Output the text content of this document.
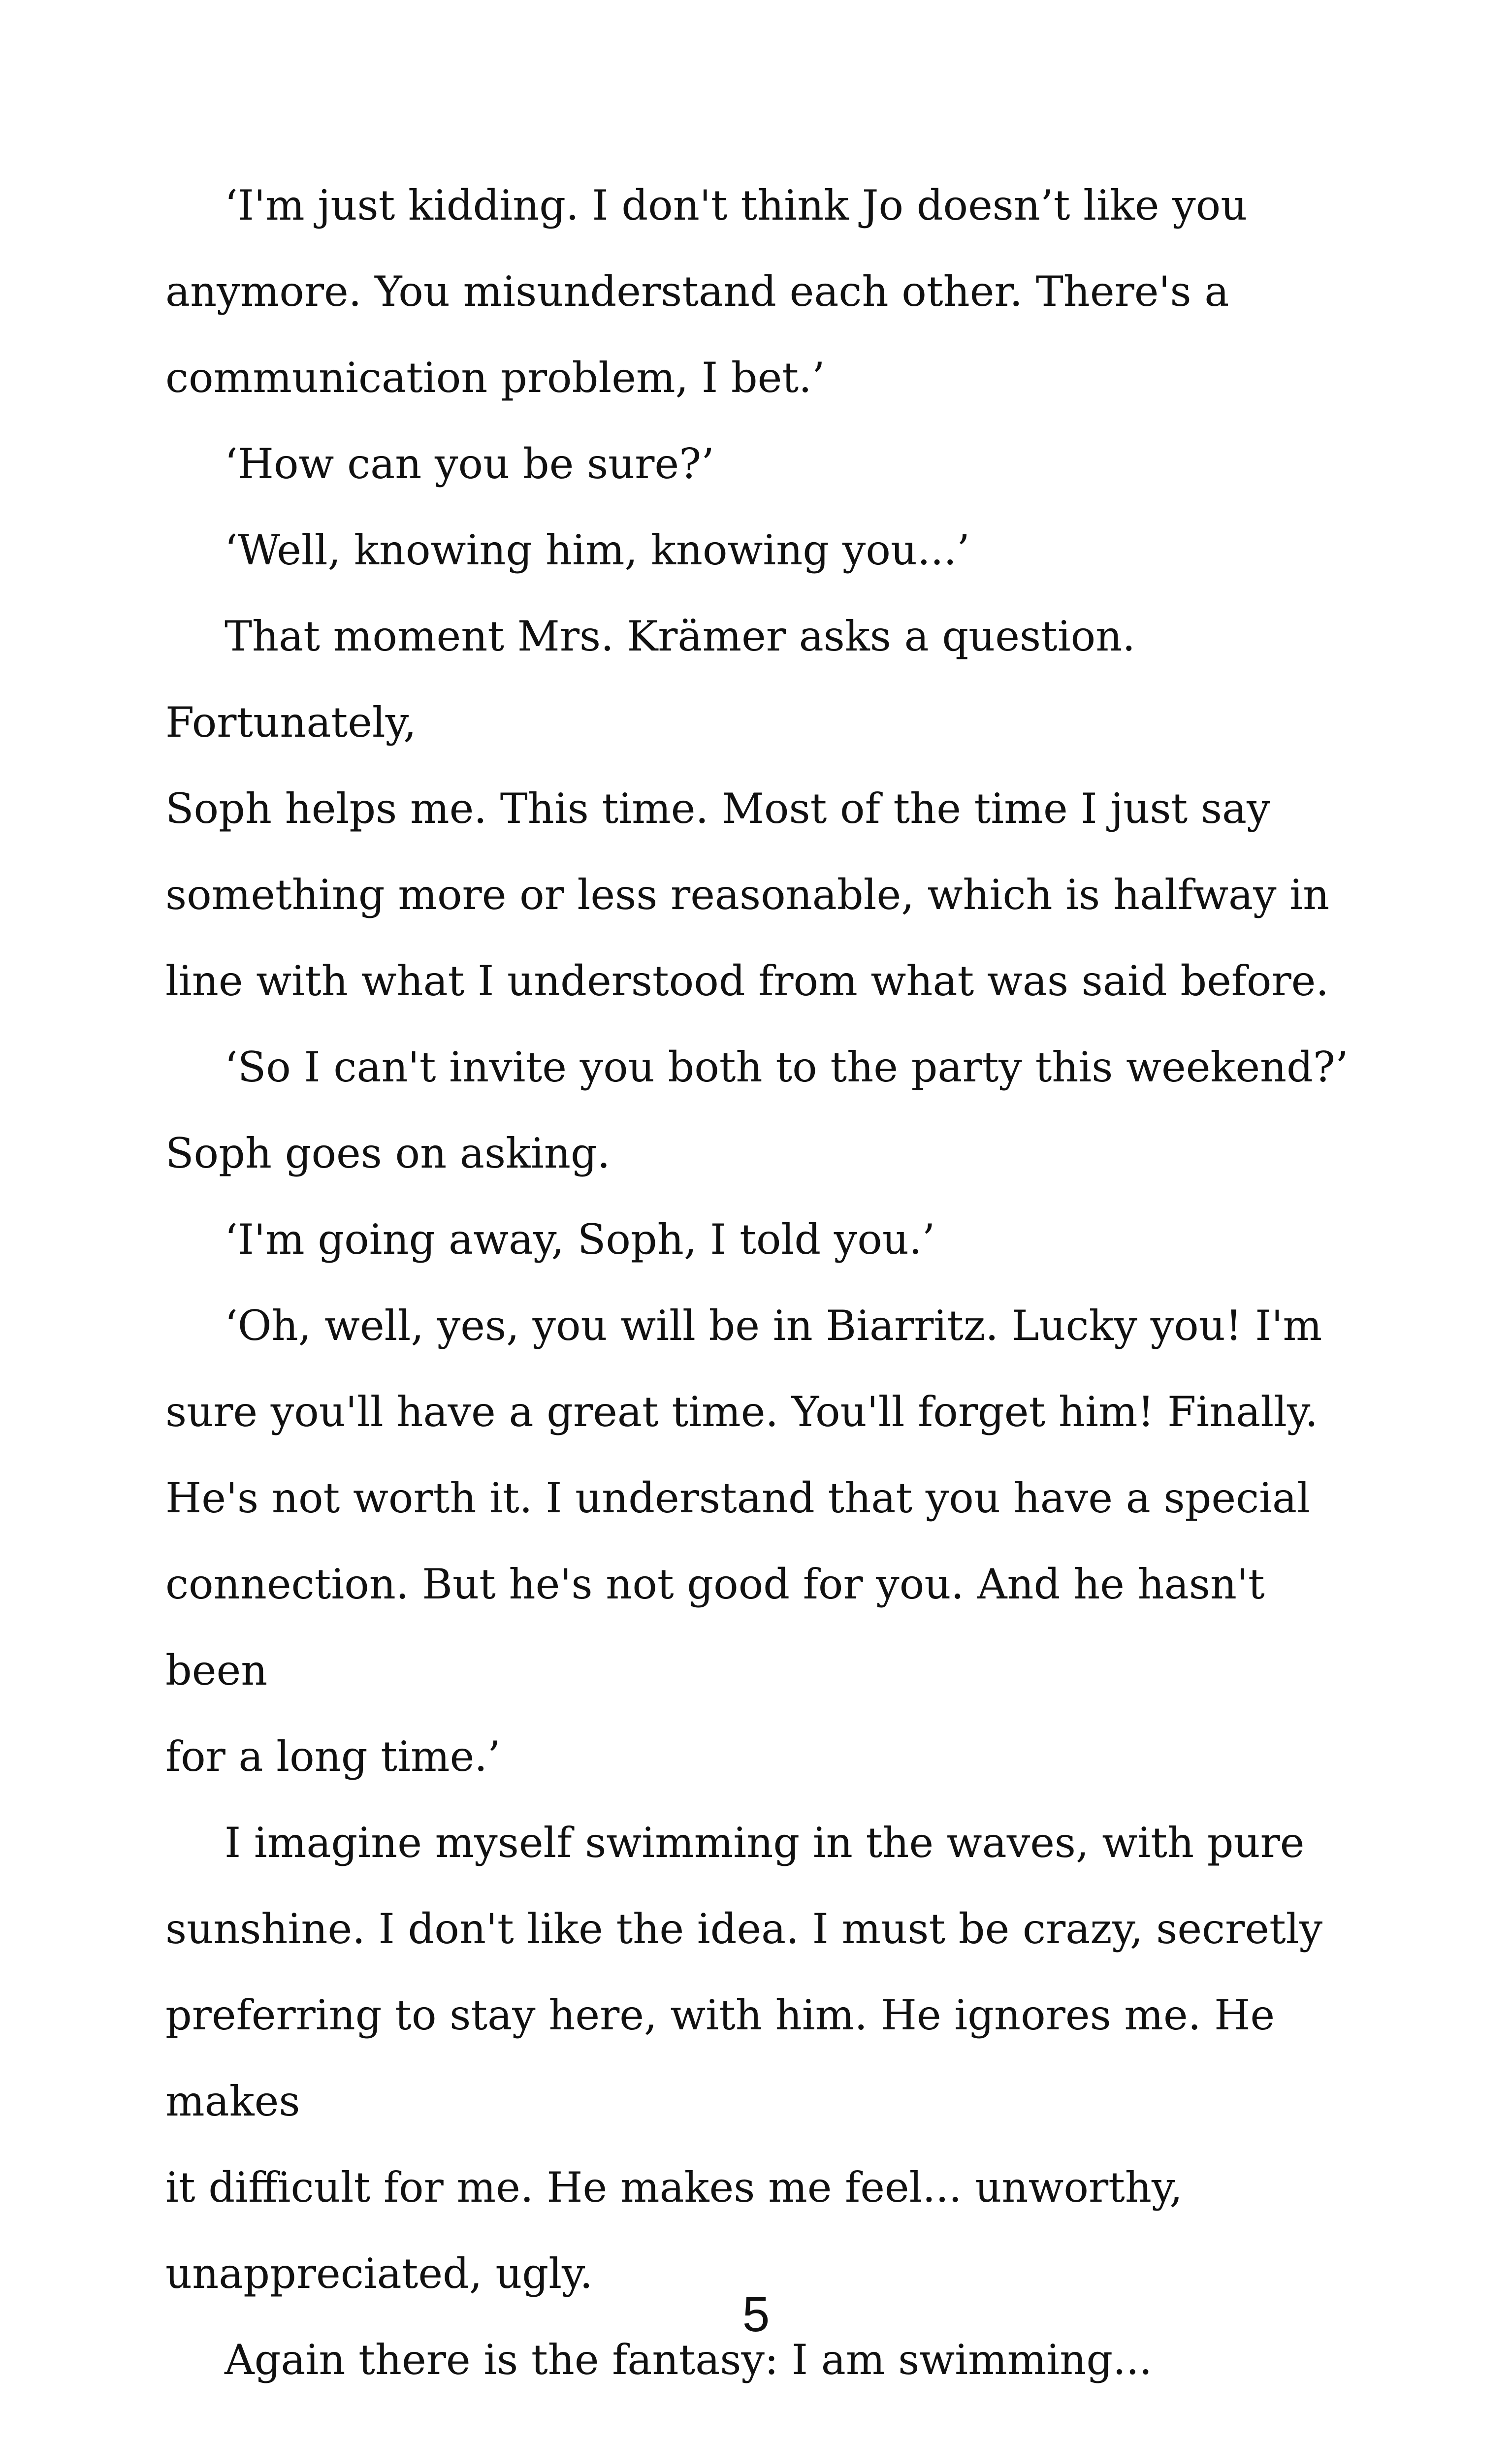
‘I'm just kidding. I don't think Jo doesn’t like you
anymore. You misunderstand each other. There's a
communication problem, I bet.’

‘How can you be sure?’

‘Well, knowing him, knowing you...’

That moment Mrs. Krämer asks a question. Fortunately,
Soph helps me. This time. Most of the time I just say
something more or less reasonable, which is halfway in
line with what I understood from what was said before.

‘So I can't invite you both to the party this weekend?’
Soph goes on asking.

‘I'm going away, Soph, I told you.’

‘Oh, well, yes, you will be in Biarritz. Lucky you! I'm
sure you'll have a great time. You'll forget him! Finally.
He's not worth it. I understand that you have a special
connection. But he's not good for you. And he hasn't been
for a long time.’

I imagine myself swimming in the waves, with pure
sunshine. I don't like the idea. I must be crazy, secretly
preferring to stay here, with him. He ignores me. He makes
it difficult for me. He makes me feel... unworthy,
unappreciated, ugly.

Again there is the fantasy: I am swimming...

5
